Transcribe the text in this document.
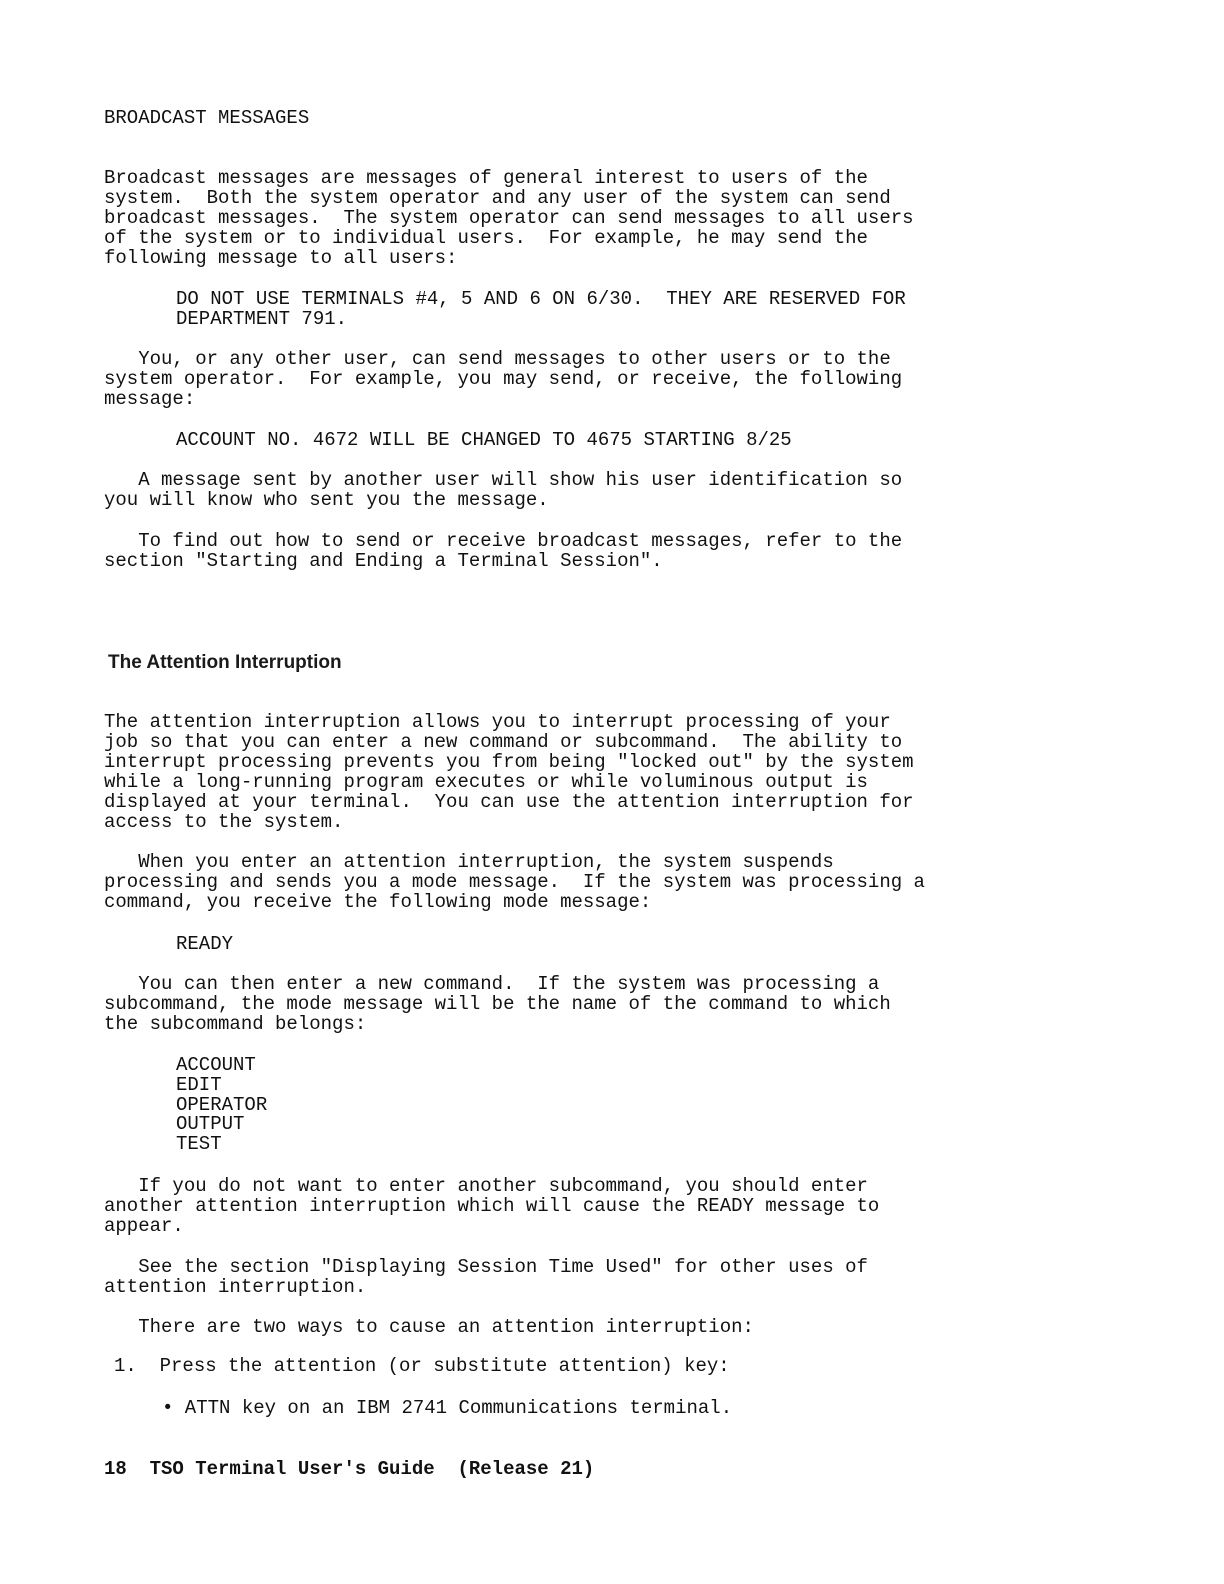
BROADCAST MESSAGES
Broadcast messages are messages of general interest to users of the
system.  Both the system operator and any user of the system can send
broadcast messages.  The system operator can send messages to all users
of the system or to individual users.  For example, he may send the
following message to all users:
DO NOT USE TERMINALS #4, 5 AND 6 ON 6/30.  THEY ARE RESERVED FOR
DEPARTMENT 791.
You, or any other user, can send messages to other users or to the
system operator.  For example, you may send, or receive, the following
message:
ACCOUNT NO. 4672 WILL BE CHANGED TO 4675 STARTING 8/25
A message sent by another user will show his user identification so
you will know who sent you the message.
To find out how to send or receive broadcast messages, refer to the
section "Starting and Ending a Terminal Session".
The Attention Interruption
The attention interruption allows you to interrupt processing of your
job so that you can enter a new command or subcommand.  The ability to
interrupt processing prevents you from being "locked out" by the system
while a long-running program executes or while voluminous output is
displayed at your terminal.  You can use the attention interruption for
access to the system.
When you enter an attention interruption, the system suspends
processing and sends you a mode message.  If the system was processing a
command, you receive the following mode message:
READY
You can then enter a new command.  If the system was processing a
subcommand, the mode message will be the name of the command to which
the subcommand belongs:
ACCOUNT
EDIT
OPERATOR
OUTPUT
TEST
If you do not want to enter another subcommand, you should enter
another attention interruption which will cause the READY message to
appear.
See the section "Displaying Session Time Used" for other uses of
attention interruption.
There are two ways to cause an attention interruption:
1.  Press the attention (or substitute attention) key:
• ATTN key on an IBM 2741 Communications terminal.
18  TSO Terminal User's Guide  (Release 21)
